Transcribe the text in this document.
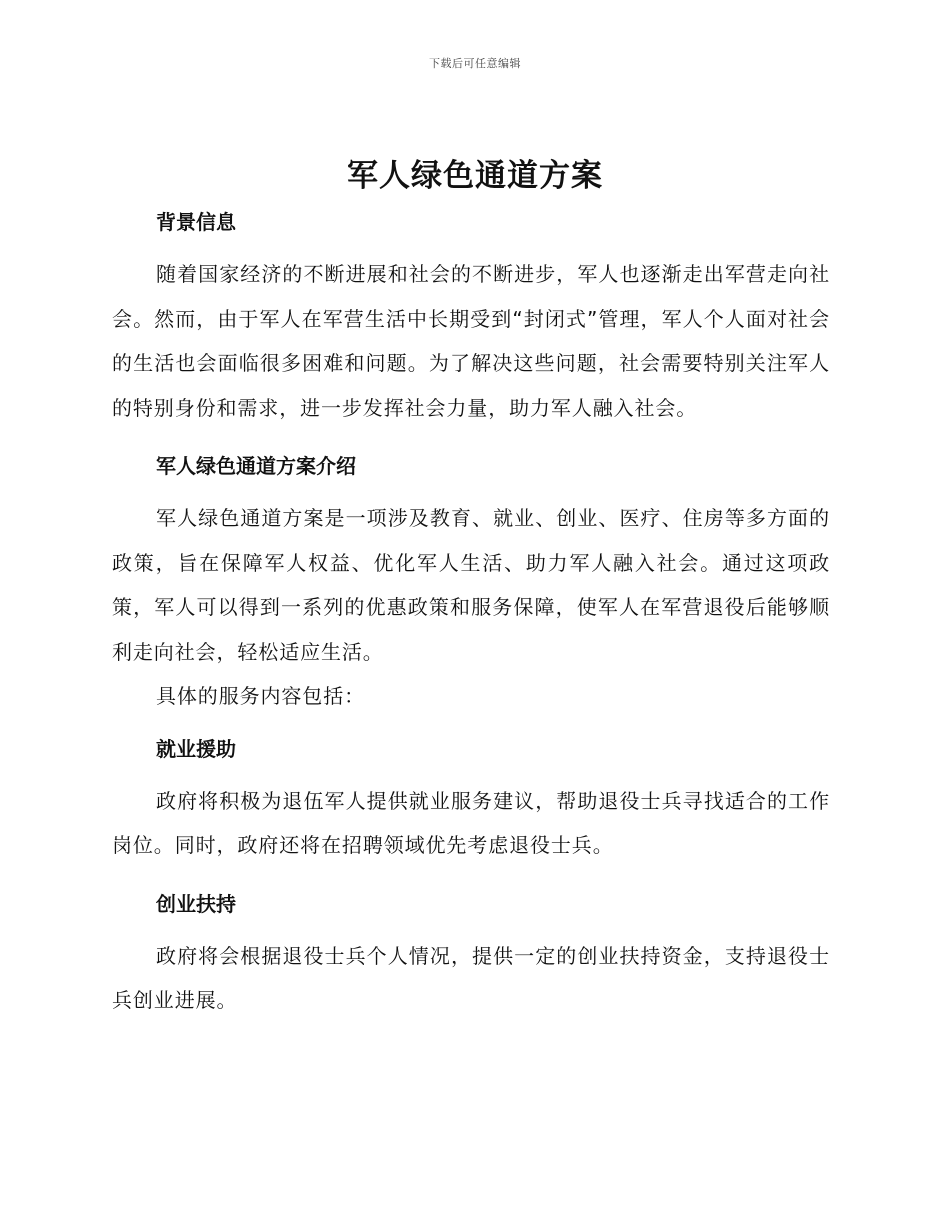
下载后可任意编辑
军人绿色通道方案
背景信息

随着国家经济的不断进展和社会的不断进步，军人也逐渐走出军营走向社会。然而，由于军人在军营生活中长期受到“封闭式”管理，军人个人面对社会的生活也会面临很多困难和问题。为了解决这些问题，社会需要特别关注军人的特别身份和需求，进一步发挥社会力量，助力军人融入社会。

军人绿色通道方案介绍

军人绿色通道方案是一项涉及教育、就业、创业、医疗、住房等多方面的政策，旨在保障军人权益、优化军人生活、助力军人融入社会。通过这项政策，军人可以得到一系列的优惠政策和服务保障，使军人在军营退役后能够顺利走向社会，轻松适应生活。

具体的服务内容包括：

就业援助

政府将积极为退伍军人提供就业服务建议，帮助退役士兵寻找适合的工作岗位。同时，政府还将在招聘领域优先考虑退役士兵。

创业扶持

政府将会根据退役士兵个人情况，提供一定的创业扶持资金，支持退役士兵创业进展。
